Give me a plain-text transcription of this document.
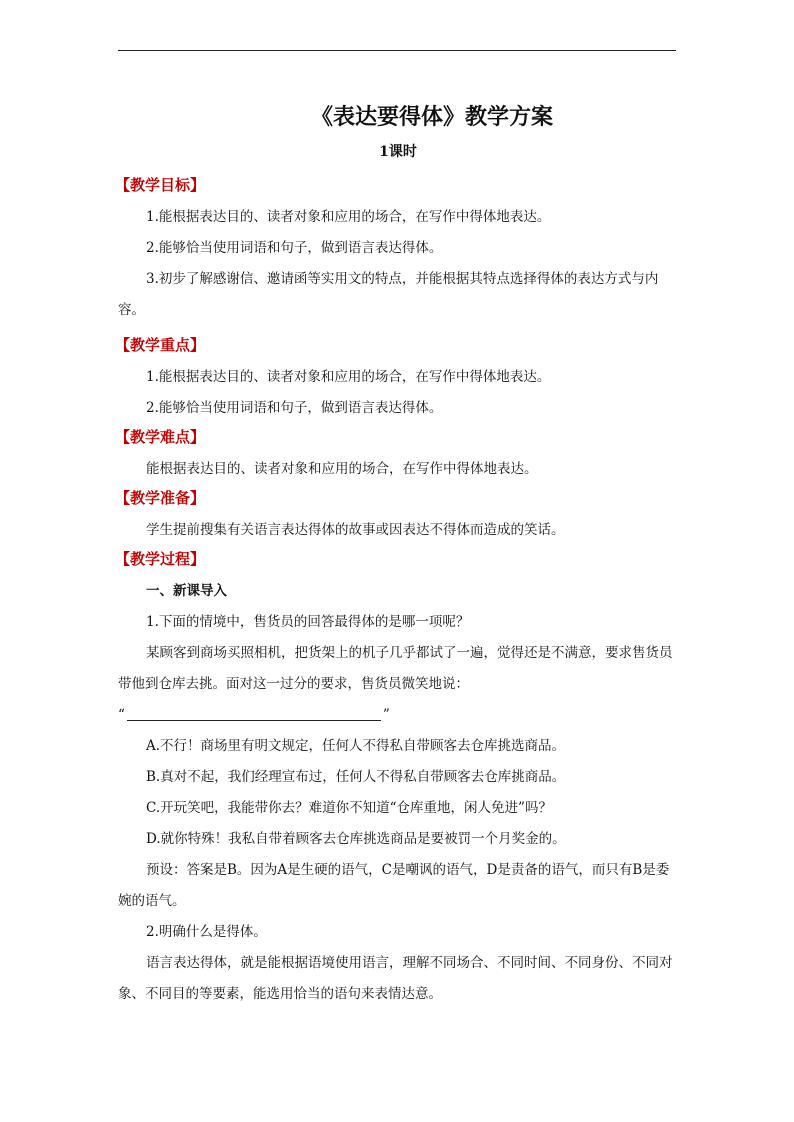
《表达要得体》教学方案
1课时
【教学目标】

1.能根据表达目的、读者对象和应用的场合，在写作中得体地表达。

2.能够恰当使用词语和句子，做到语言表达得体。

3.初步了解感谢信、邀请函等实用文的特点，并能根据其特点选择得体的表达方式与内容。

【教学重点】

1.能根据表达目的、读者对象和应用的场合，在写作中得体地表达。

2.能够恰当使用词语和句子，做到语言表达得体。

【教学难点】

能根据表达目的、读者对象和应用的场合，在写作中得体地表达。

【教学准备】

学生提前搜集有关语言表达得体的故事或因表达不得体而造成的笑话。

【教学过程】

一、新课导入

1.下面的情境中，售货员的回答最得体的是哪一项呢？

某顾客到商场买照相机，把货架上的机子几乎都试了一遍，觉得还是不满意，要求售货员带他到仓库去挑。面对这一过分的要求，售货员微笑地说：

“	”

A.不行！商场里有明文规定，任何人不得私自带顾客去仓库挑选商品。

B.真对不起，我们经理宣布过，任何人不得私自带顾客去仓库挑商品。

C.开玩笑吧，我能带你去？难道你不知道“仓库重地，闲人免进”吗？

D.就你特殊！我私自带着顾客去仓库挑选商品是要被罚一个月奖金的。

预设：答案是B。因为A是生硬的语气，C是嘲讽的语气，D是责备的语气，而只有B是委婉的语气。

2.明确什么是得体。

语言表达得体，就是能根据语境使用语言，理解不同场合、不同时间、不同身份、不同对象、不同目的等要素，能选用恰当的语句来表情达意。
